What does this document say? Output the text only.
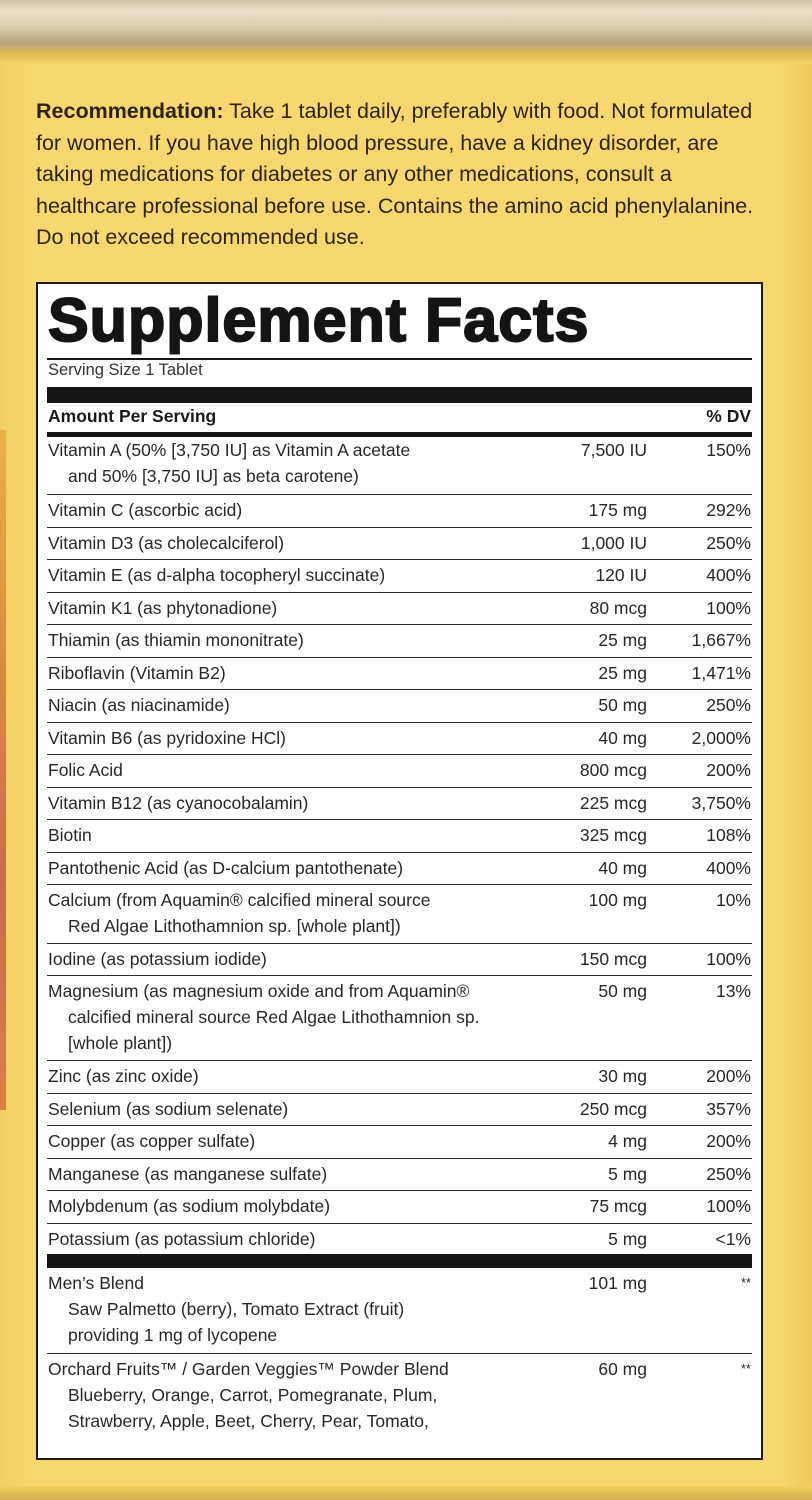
Recommendation: Take 1 tablet daily, preferably with food. Not formulated for women. If you have high blood pressure, have a kidney disorder, are taking medications for diabetes or any other medications, consult a healthcare professional before use. Contains the amino acid phenylalanine. Do not exceed recommended use.
Supplement Facts
Serving Size 1 Tablet
Amount Per Serving	% DV
Vitamin A (50% [3,750 IU] as Vitamin A acetate
and 50% [3,750 IU] as beta carotene)
7,500 IU	150%
Vitamin C (ascorbic acid)	175 mg	292%
Vitamin D3 (as cholecalciferol)	1,000 IU	250%
Vitamin E (as d-alpha tocopheryl succinate)	120 IU	400%
Vitamin K1 (as phytonadione)	80 mcg	100%
Thiamin (as thiamin mononitrate)	25 mg	1,667%
Riboflavin (Vitamin B2)	25 mg	1,471%
Niacin (as niacinamide)	50 mg	250%
Vitamin B6 (as pyridoxine HCl)	40 mg	2,000%
Folic Acid	800 mcg	200%
Vitamin B12 (as cyanocobalamin)	225 mcg	3,750%
Biotin	325 mcg	108%
Pantothenic Acid (as D-calcium pantothenate)	40 mg	400%
Calcium (from Aquamin® calcified mineral source
Red Algae Lithothamnion sp. [whole plant])
100 mg	10%
Iodine (as potassium iodide)	150 mcg	100%
Magnesium (as magnesium oxide and from Aquamin®
calcified mineral source Red Algae Lithothamnion sp.
[whole plant])
50 mg	13%
Zinc (as zinc oxide)	30 mg	200%
Selenium (as sodium selenate)	250 mcg	357%
Copper (as copper sulfate)	4 mg	200%
Manganese (as manganese sulfate)	5 mg	250%
Molybdenum (as sodium molybdate)	75 mcg	100%
Potassium (as potassium chloride)	5 mg	<1%
Men’s Blend
Saw Palmetto (berry), Tomato Extract (fruit)
providing 1 mg of lycopene
101 mg	**
Orchard Fruits™ / Garden Veggies™ Powder Blend
Blueberry, Orange, Carrot, Pomegranate, Plum,
Strawberry, Apple, Beet, Cherry, Pear, Tomato,
60 mg	**
